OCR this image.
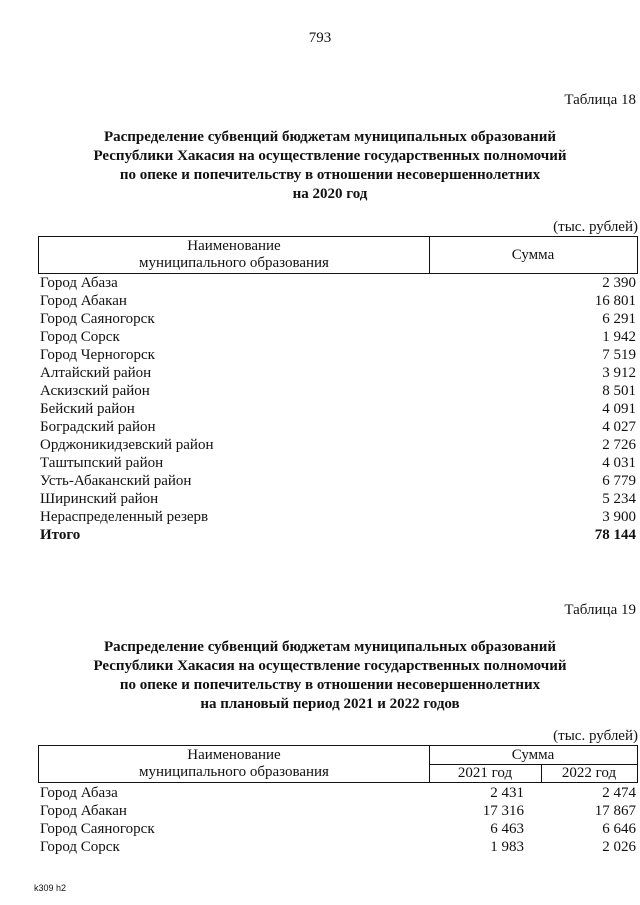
793
Таблица 18
Распределение субвенций бюджетам муниципальных образований
Республики Хакасия на осуществление государственных полномочий
по опеке и попечительству в отношении несовершеннолетних
на 2020 год
(тыс. рублей)
Наименование
муниципального образования	Сумма
Город Абаза	2 390
Город Абакан	16 801
Город Саяногорск	6 291
Город Сорск	1 942
Город Черногорск	7 519
Алтайский район	3 912
Аскизский район	8 501
Бейский район	4 091
Боградский район	4 027
Орджоникидзевский район	2 726
Таштыпский район	4 031
Усть-Абаканский район	6 779
Ширинский район	5 234
Нераспределенный резерв	3 900
Итого	78 144
Таблица 19
Распределение субвенций бюджетам муниципальных образований
Республики Хакасия на осуществление государственных полномочий
по опеке и попечительству в отношении несовершеннолетних
на плановый период 2021 и 2022 годов
(тыс. рублей)
Наименование
муниципального образования
Сумма
2021 год	2022 год
Город Абаза	2 431	2 474
Город Абакан	17 316	17 867
Город Саяногорск	6 463	6 646
Город Сорск	1 983	2 026
k309 h2
